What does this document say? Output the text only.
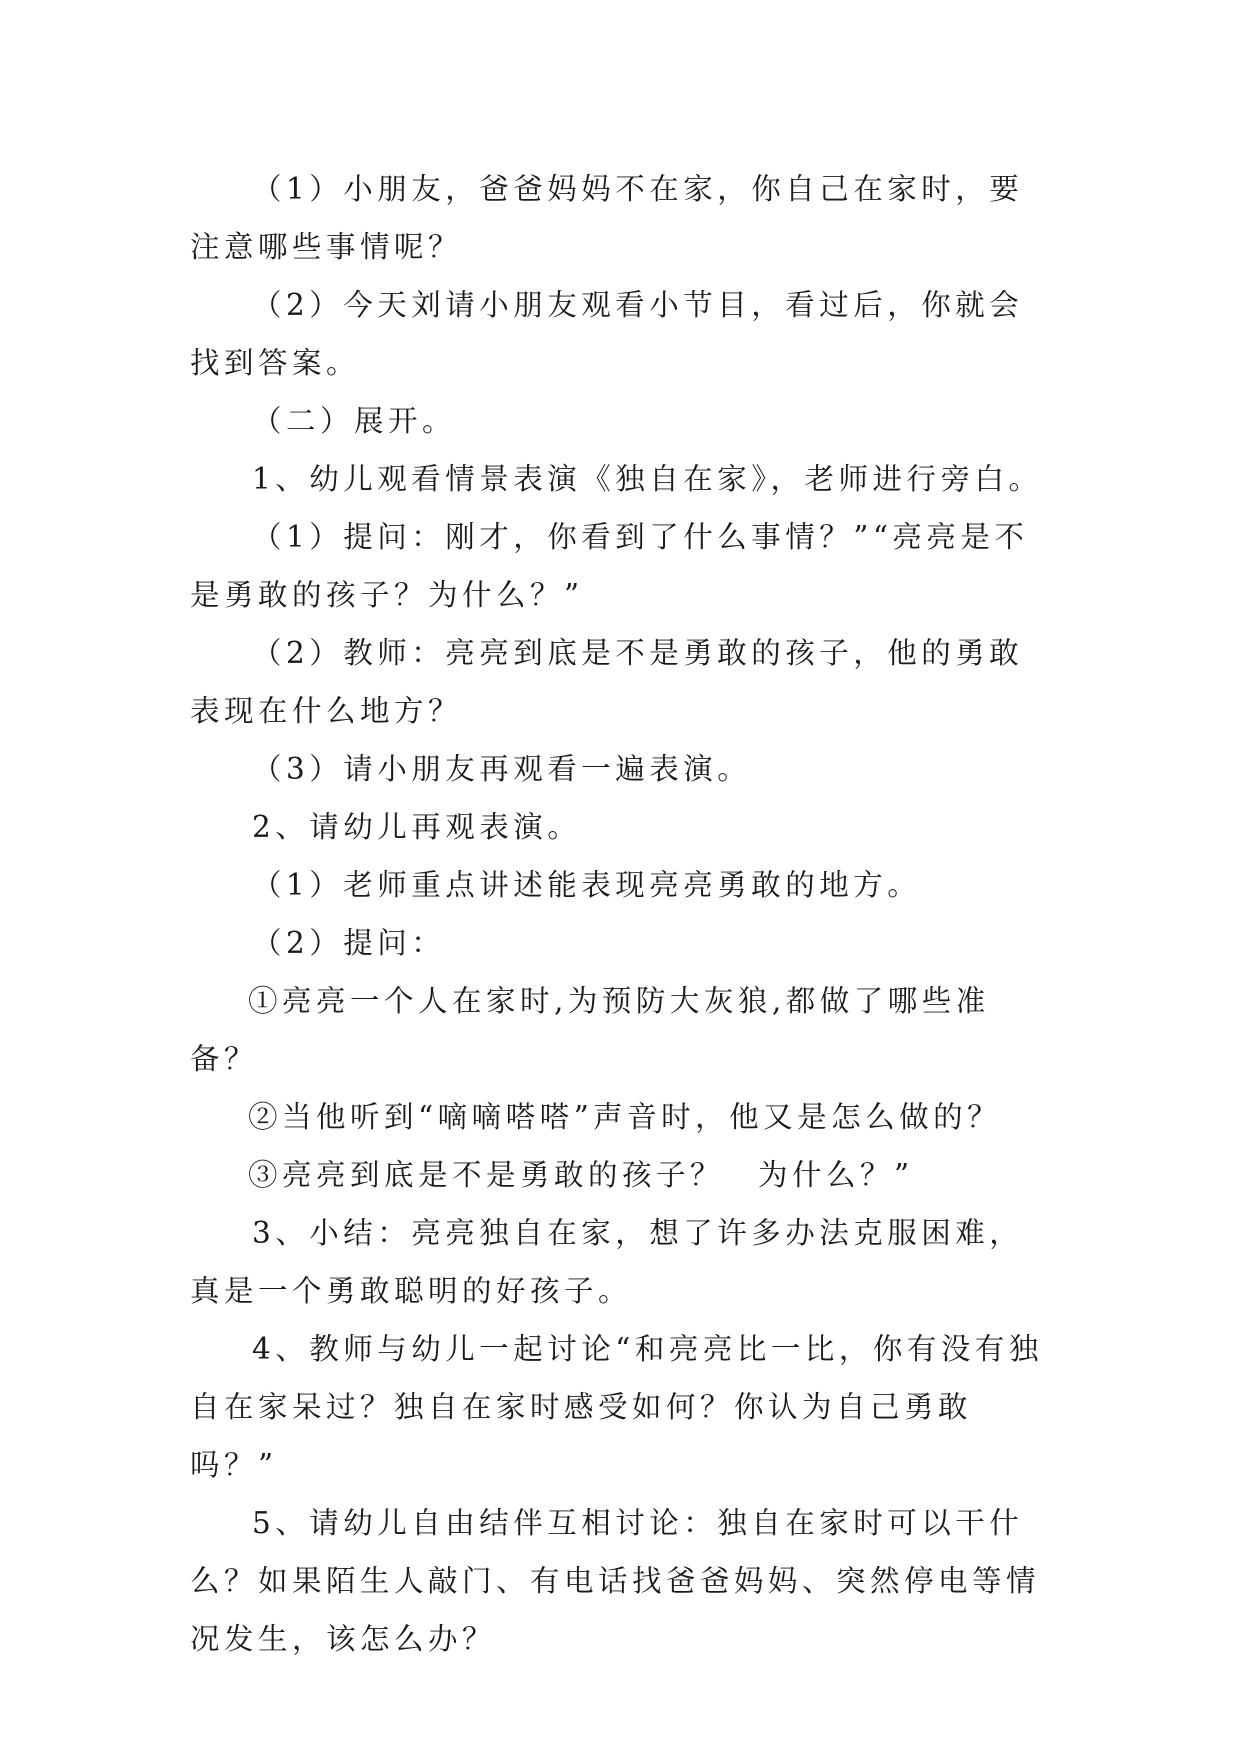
（1）小朋友，爸爸妈妈不在家，你自己在家时，要注意哪些事情呢？

（2）今天刘请小朋友观看小节目，看过后，你就会找到答案。

（二）展开。

1、幼儿观看情景表演《独自在家》，老师进行旁白。

（1）提问：刚才，你看到了什么事情？”“亮亮是不是勇敢的孩子？为什么？”

（2）教师：亮亮到底是不是勇敢的孩子，他的勇敢表现在什么地方？

（3）请小朋友再观看一遍表演。

2、请幼儿再观表演。

（1）老师重点讲述能表现亮亮勇敢的地方。

（2）提问：

①亮亮一个人在家时,为预防大灰狼,都做了哪些准备？

②当他听到“嘀嘀嗒嗒”声音时，他又是怎么做的？

③亮亮到底是不是勇敢的孩子？　为什么？”

3、小结：亮亮独自在家，想了许多办法克服困难，真是一个勇敢聪明的好孩子。

4、教师与幼儿一起讨论“和亮亮比一比，你有没有独自在家呆过？独自在家时感受如何？你认为自己勇敢吗？”

5、请幼儿自由结伴互相讨论：独自在家时可以干什么？如果陌生人敲门、有电话找爸爸妈妈、突然停电等情况发生，该怎么办？
